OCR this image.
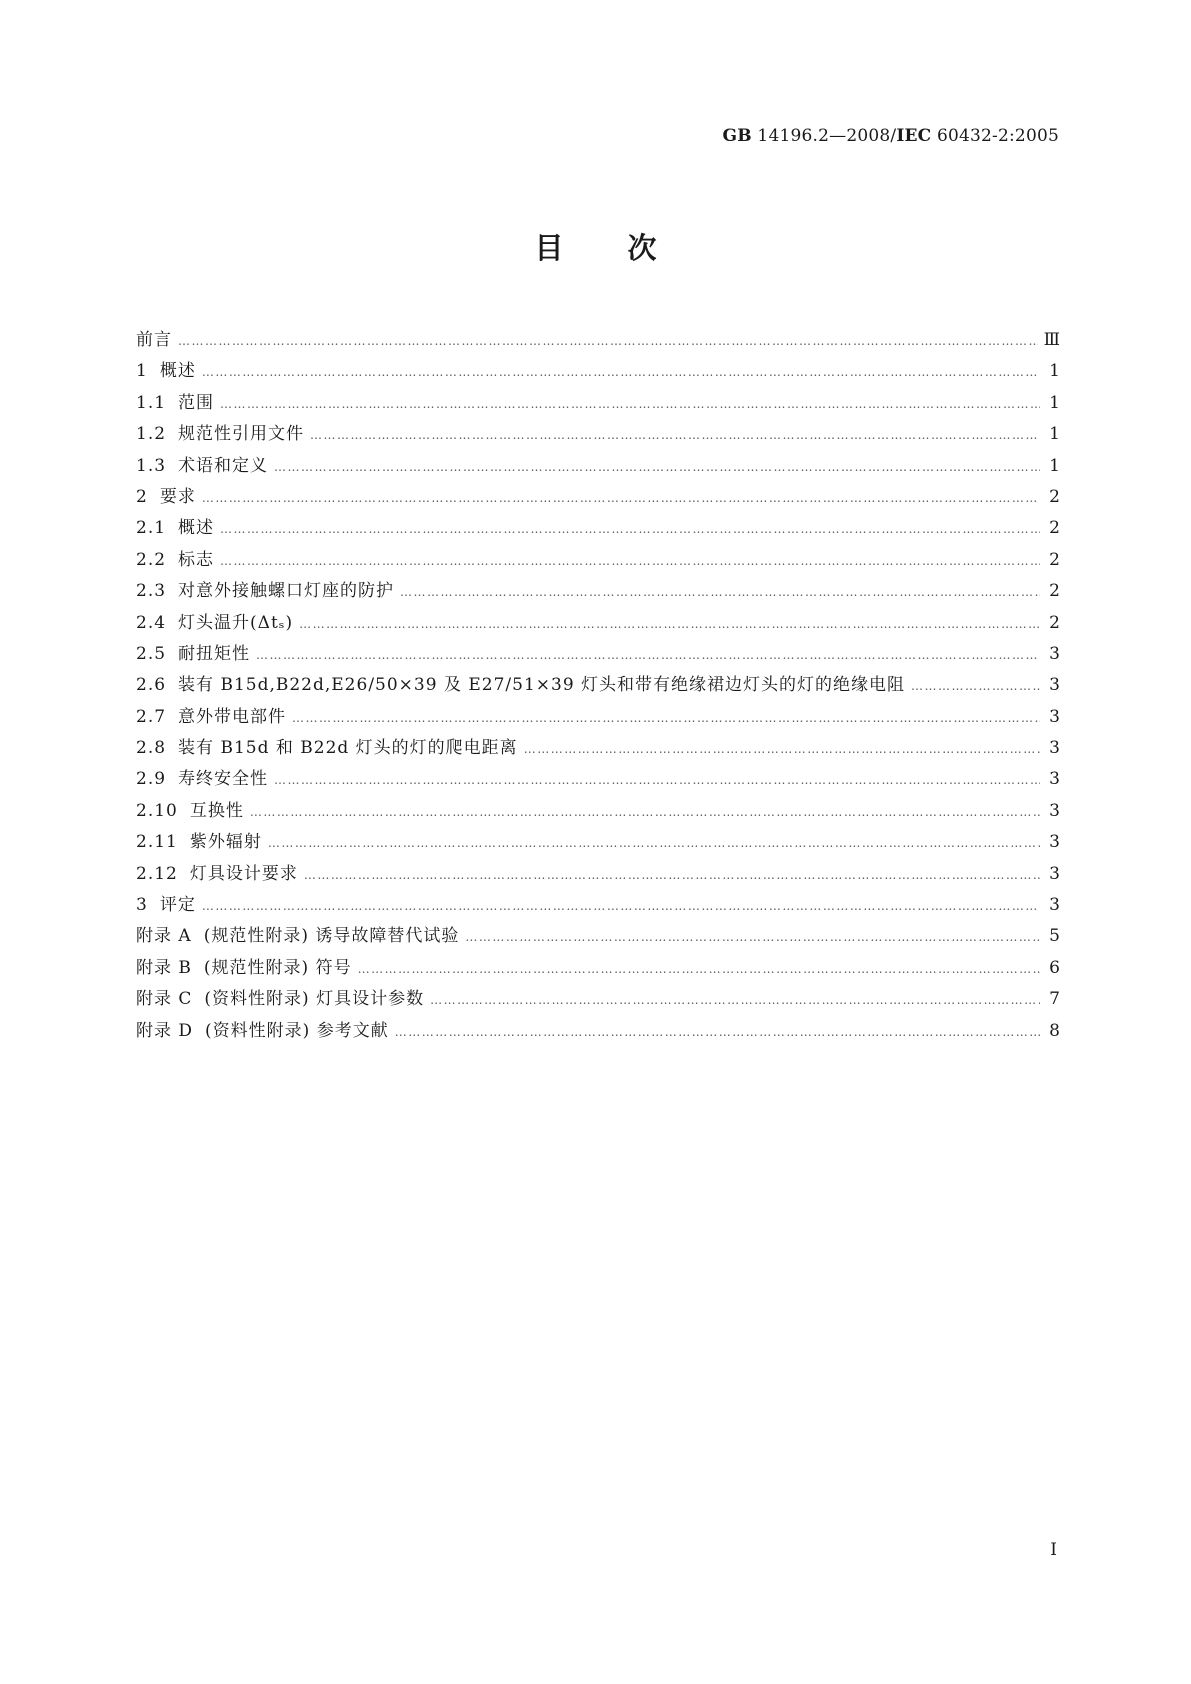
GB 14196.2—2008/IEC 60432-2:2005
目次
前言 ………………………………………………………………………………………………………………………………………………………………………………………………………………………………………………	Ⅲ
1 概述 ………………………………………………………………………………………………………………………………………………………………………………………………………………………………………………	1
1.1 范围 ………………………………………………………………………………………………………………………………………………………………………………………………………………………………………………	1
1.2 规范性引用文件 ………………………………………………………………………………………………………………………………………………………………………………………………………………………………………………	1
1.3 术语和定义 ………………………………………………………………………………………………………………………………………………………………………………………………………………………………………………	1
2 要求 ………………………………………………………………………………………………………………………………………………………………………………………………………………………………………………	2
2.1 概述 ………………………………………………………………………………………………………………………………………………………………………………………………………………………………………………	2
2.2 标志 ………………………………………………………………………………………………………………………………………………………………………………………………………………………………………………	2
2.3 对意外接触螺口灯座的防护 ………………………………………………………………………………………………………………………………………………………………………………………………………………………………………………	2
2.4 灯头温升(Δtₛ) ………………………………………………………………………………………………………………………………………………………………………………………………………………………………………………	2
2.5 耐扭矩性 ………………………………………………………………………………………………………………………………………………………………………………………………………………………………………………	3
2.6 装有 B15d,B22d,E26/50×39 及 E27/51×39 灯头和带有绝缘裙边灯头的灯的绝缘电阻 ………………………………………………………………………………………………………………………………………………………………………………………………………………………………………………	3
2.7 意外带电部件 ………………………………………………………………………………………………………………………………………………………………………………………………………………………………………………	3
2.8 装有 B15d 和 B22d 灯头的灯的爬电距离 ………………………………………………………………………………………………………………………………………………………………………………………………………………………………………………	3
2.9 寿终安全性 ………………………………………………………………………………………………………………………………………………………………………………………………………………………………………………	3
2.10 互换性 ………………………………………………………………………………………………………………………………………………………………………………………………………………………………………………	3
2.11 紫外辐射 ………………………………………………………………………………………………………………………………………………………………………………………………………………………………………………	3
2.12 灯具设计要求 ………………………………………………………………………………………………………………………………………………………………………………………………………………………………………………	3
3 评定 ………………………………………………………………………………………………………………………………………………………………………………………………………………………………………………	3
附录 A (规范性附录) 诱导故障替代试验 ………………………………………………………………………………………………………………………………………………………………………………………………………………………………………………	5
附录 B (规范性附录) 符号 ………………………………………………………………………………………………………………………………………………………………………………………………………………………………………………	6
附录 C (资料性附录) 灯具设计参数 ………………………………………………………………………………………………………………………………………………………………………………………………………………………………………………	7
附录 D (资料性附录) 参考文献 ………………………………………………………………………………………………………………………………………………………………………………………………………………………………………………	8
I
